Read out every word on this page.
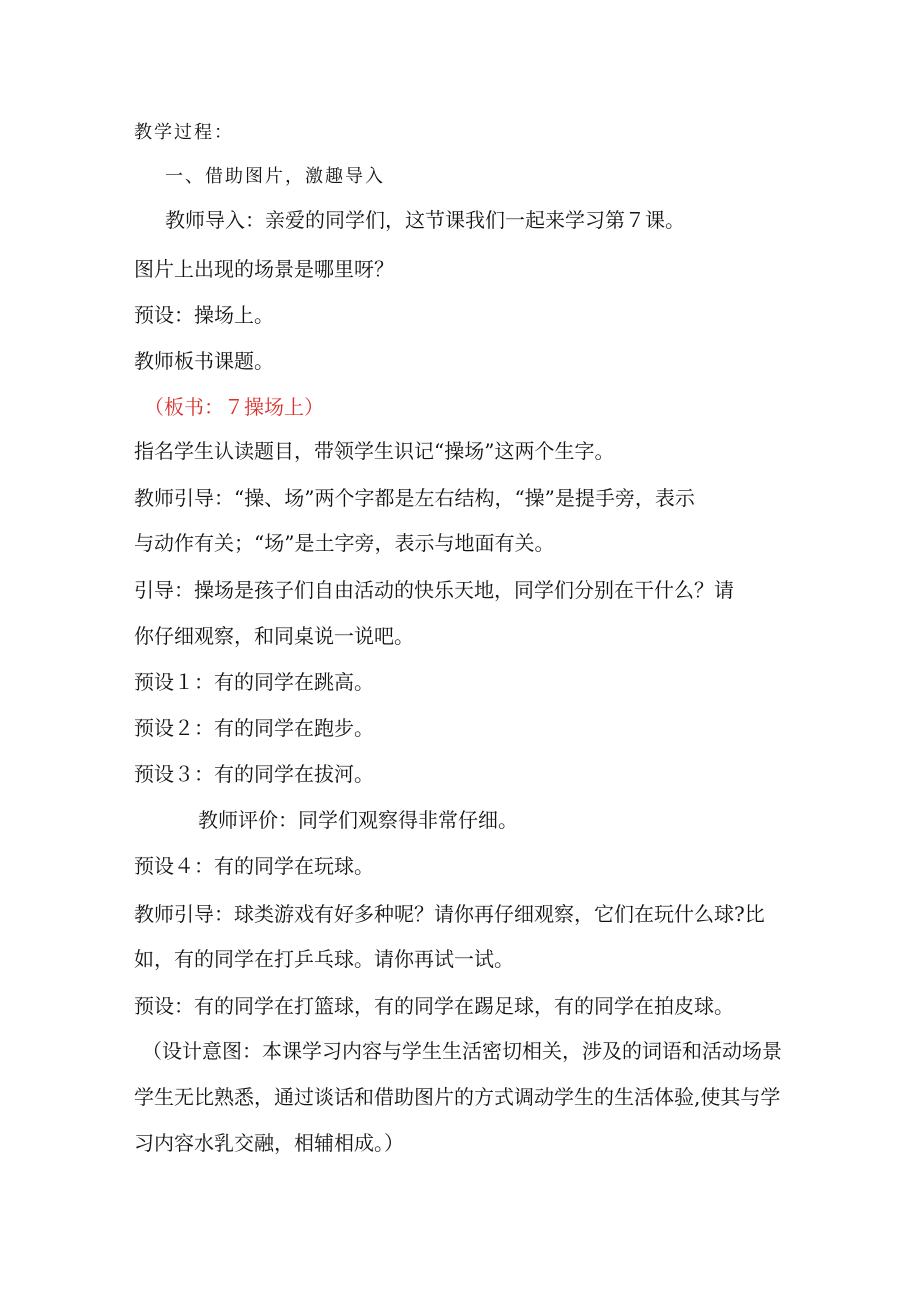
教学过程：
一、借助图片，激趣导入
教师导入：亲爱的同学们，这节课我们一起来学习第７课。
图片上出现的场景是哪里呀？
预设：操场上。
教师板书课题。
（板书：７操场上）
指名学生认读题目，带领学生识记“操场”这两个生字。
教师引导：“操、场”两个字都是左右结构，“操”是提手旁，表示
与动作有关；“场”是土字旁，表示与地面有关。
引导：操场是孩子们自由活动的快乐天地，同学们分别在干什么？请
你仔细观察，和同桌说一说吧。
预设１：有的同学在跳高。
预设２：有的同学在跑步。
预设３：有的同学在拔河。
教师评价：同学们观察得非常仔细。
预设４：有的同学在玩球。
教师引导：球类游戏有好多种呢？请你再仔细观察，它们在玩什么球?比
如，有的同学在打乒乓球。请你再试一试。
预设：有的同学在打篮球，有的同学在踢足球，有的同学在拍皮球。
（设计意图：本课学习内容与学生生活密切相关，涉及的词语和活动场景
学生无比熟悉，通过谈话和借助图片的方式调动学生的生活体验,使其与学
习内容水乳交融，相辅相成。）
